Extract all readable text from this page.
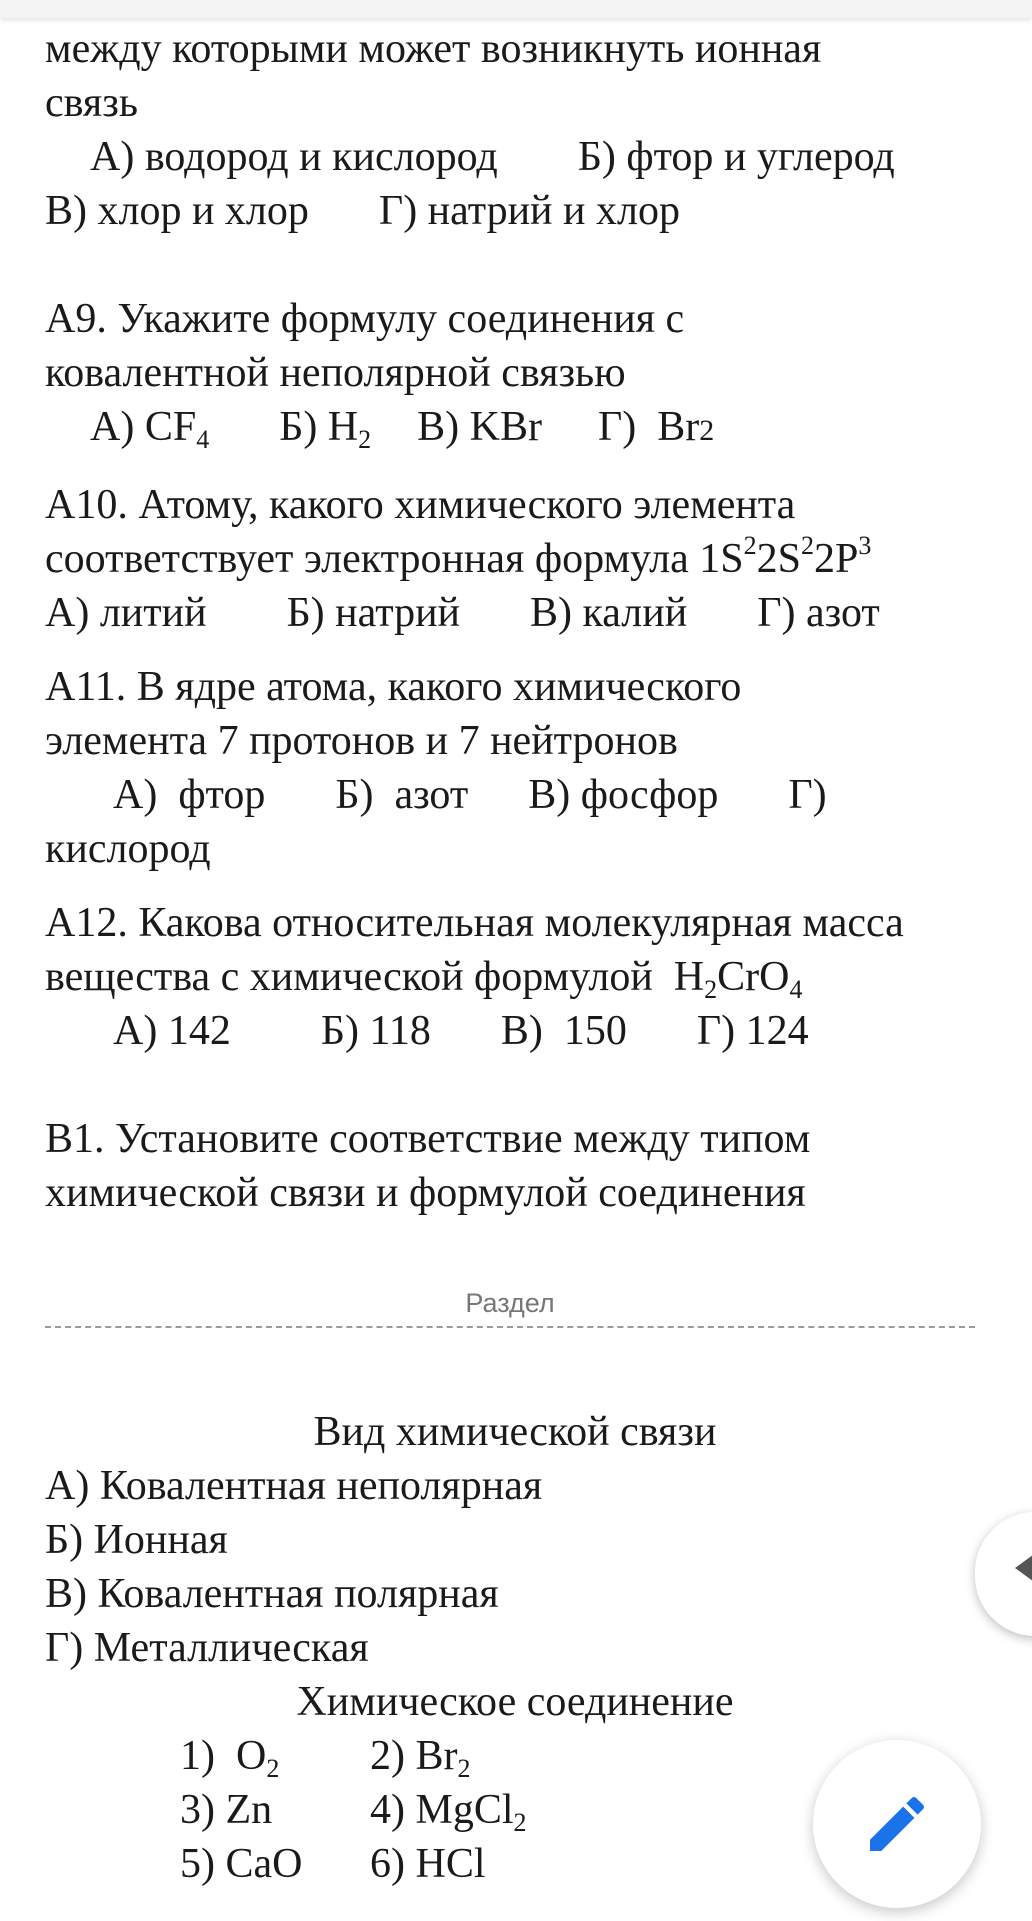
между которыми может возникнуть ионная

связь

А) водород и кислород Б) фтор и углерод

В) хлор и хлор Г) натрий и хлор

А9. Укажите формулу соединения с

ковалентной неполярной связью

А) $CF_4$ Б) $H_2$ В) KBr Г)  Br2

А10. Атому, какого химического элемента

соответствует электронная формула $1S^22S^22P^3$

А) литий Б) натрий В) калий Г) азот

А11. В ядре атома, какого химического

элемента 7 протонов и 7 нейтронов

А)  фтор Б)  азот В) фосфор Г)

кислород

А12. Какова относительная молекулярная масса

вещества с химической формулой  $H_2CrO_4$

А) 142 Б) 118 В)  150 Г) 124

В1. Установите соответствие между типом

химической связи и формулой соединения

Раздел

Вид химической связи

А) Ковалентная неполярная

Б) Ионная

В) Ковалентная полярная

Г) Металлическая

Химическое соединение

1)  $O_2$ 2) $Br_2$

3) Zn 4) MgCl$_2$

5) CaO 6) HCl
